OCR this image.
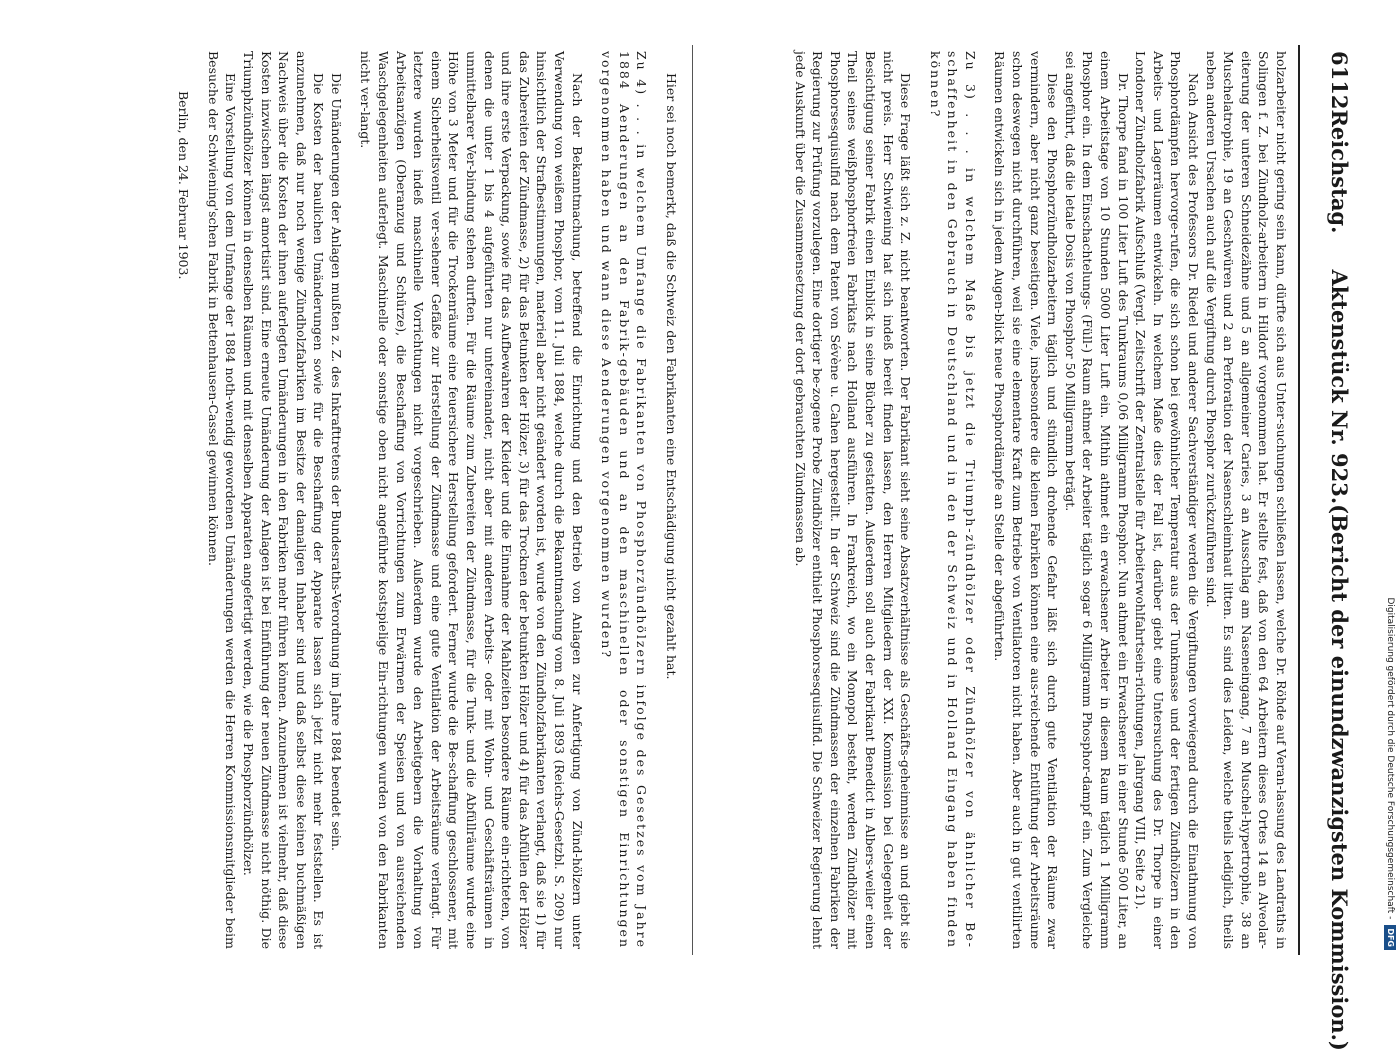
6112
Reichstag.
Aktenstück Nr. 923.
(Bericht der einundzwanzigsten Kommission.)

holzarbeiter nicht gering sein kann, dürfte sich aus Unter-suchungen schließen lassen, welche Dr. Röhde auf Veran-lassung des Landraths in Solingen f. Z. bei Zündholz-arbeitern in Hildorf vorgenommen hat. Er stellte fest, daß von den 64 Arbeitern dieses Ortes 14 an Alveolar-eiterung der unteren Schneidezähne und 5 an allgemeiner Caries, 3 an Ausschlag am Naseneingang, 7 an Muschel-hypertrophie, 38 an Muschelatrophie, 19 an Geschwüren und 2 an Perforation der Nasenschleimhaut litten. Es sind dies Leiden, welche theils lediglich, theils neben anderen Ursachen auch auf die Vergiftung durch Phosphor zurückzuführen sind.

Nach Ansicht des Professors Dr. Riedel und anderer Sachverständiger werden die Vergiftungen vorwiegend durch die Einathmung von Phosphordämpfen hervorge-rufen, die sich schon bei gewöhnlicher Temperatur aus der Tunkmasse und der fertigen Zündhölzern in den Arbeits- und Lagerräumen entwickeln. In welchem Maße dies der Fall ist, darüber giebt eine Untersuchung des Dr. Thorpe in einer Londoner Zündholzfabrik Aufschluß (Vergl. Zeitschrift der Zentralstelle für Arbeiterwohlfahrtsein-richtungen, Jahrgang VIII, Seite 21).

Dr. Thorpe fand in 100 Liter Luft des Tunkraums 0,06 Milligramm Phosphor. Nun athmet ein Erwachsener in einer Stunde 500 Liter, an einem Arbeitstage von 10 Stunden 5000 Liter Luft ein. Mithin athmet ein erwachsener Arbeiter in diesem Raum täglich 1 Milligramm Phosphor ein. In dem Einschachtelungs- (Füll-) Raum athmet der Arbeiter täglich sogar 6 Milligramm Phosphor-dampf ein. Zum Vergleiche sei angeführt, daß die letale Dosis von Phosphor 50 Milligramm beträgt.

Diese den Phosphorzündholzarbeitern täglich und stündlich drohende Gefahr läßt sich durch gute Ventilation der Räume zwar vermindern, aber nicht ganz beseitigen. Viele, insbesondere die kleinen Fabriken können eine aus-reichende Entlüftung der Arbeitsräume schon deswegen nicht durchführen, weil sie eine elementare Kraft zum Betriebe von Ventilatoren nicht haben. Aber auch in gut ventilirten Räumen entwickeln sich in jedem Augen-blick neue Phosphordämpfe an Stelle der abgeführten.

Zu 3) . . . in welchem Maße bis jetzt die Triumph-zündhölzer oder Zündhölzer von ähnlicher Be-schaffenheit in den Gebrauch in Deutschland und in den der Schweiz und in Holland Eingang haben finden können?

Diese Frage läßt sich z. Z. nicht beantworten. Der Fabrikant sieht seine Absatzverhältnisse als Geschäfts-geheimnisse an und giebt sie nicht preis. Herr Schwiening hat sich indeß bereit finden lassen, den Herren Mitgliedern der XXI. Kommission bei Gelegenheit der Besichtigung seiner Fabrik einen Einblick in seine Bücher zu gestatten. Außerdem soll auch der Fabrikant Benedict in Albers-weiler einen Theil seines weißphosphorfreien Fabrikats nach Holland ausführen. In Frankreich, wo ein Monopol besteht, werden Zündhölzer mit Phosphorsesquisulfid nach dem Patent von Sévène u. Cahen hergestellt. In der Schweiz sind die Zündmassen der einzelnen Fabriken der Regierung zur Prüfung vorzulegen. Eine dortiger be-zogene Probe Zündhölzer enthielt Phosphorsesquisulfid. Die Schweizer Regierung lehnt jede Auskunft über die Zusammensetzung der dort gebrauchten Zündmassen ab.

Hier sei noch bemerkt, daß die Schweiz den Fabrikanten eine Entschädigung nicht gezahlt hat.

Zu 4) . . . in welchem Umfange die Fabrikanten von Phosphorzündhölzern infolge des Gesetzes vom Jahre 1884 Aenderungen an den Fabrik-gebäuden und an den maschinellen oder sonstigen Einrichtungen vorgenommen haben und wann diese Aenderungen vorgenommen wurden?

Nach der Bekanntmachung, betreffend die Einrichtung und den Betrieb von Anlagen zur Anfertigung von Zünd-hölzern unter Verwendung von weißem Phosphor, vom 11. Juli 1884, welche durch die Bekanntmachung vom 8. Juli 1893 (Reichs-Gesetzbl. S. 209) nur hinsichtlich der Strafbestimmungen, materiell aber nicht geändert worden ist, wurde von den Zündholzfabrikanten verlangt, daß sie 1) für das Zubereiten der Zündmasse, 2) für das Betunken der Hölzer, 3) für das Trocknen der betunkten Hölzer und 4) für das Abfüllen der Hölzer und ihre erste Verpackung, sowie für das Aufbewahren der Kleider und die Einnahme der Mahlzeiten besondere Räume ein-richteten, von denen die unter 1 bis 4 aufgeführten nur untereinander, nicht aber mit anderen Arbeits- oder mit Wohn- und Geschäftsräumen in unmittelbarer Ver-bindung stehen durften. Für die Räume zum Zubereiten der Zündmasse, für die Tunk- und die Abfüllräume wurde eine Höhe von 3 Meter und für die Trockenräume eine feuersichere Herstellung gefordert. Ferner wurde die Be-schaffung geschlossener, mit einem Sicherheitsventil ver-sehener Gefäße zur Herstellung der Zündmasse und eine gute Ventilation der Arbeitsräume verlangt. Für letztere wurden indeß maschinelle Vorrichtungen nicht vorgeschrieben. Außerdem wurde den Arbeitgebern die Vorhaltung von Arbeitsanzügen (Oberanzug und Schürze), die Beschaffung von Vorrichtungen zum Erwärmen der Speisen und von ausreichenden Waschgelegenheiten auferlegt. Maschinelle oder sonstige oben nicht angeführte kostspielige Ein-richtungen wurden von den Fabrikanten nicht ver-langt.

Die Umänderungen der Anlagen mußten z. Z. des Inkrafttretens der Bundesraths-Verordnung im Jahre 1884 beendet sein.

Die Kosten der baulichen Umänderungen sowie für die Beschaffung der Apparate lassen sich jetzt nicht mehr feststellen. Es ist anzunehmen, daß nur noch wenige Zündholzfabriken im Besitze der damaligen Inhaber sind und daß selbst diese keinen buchmäßigen Nachweis über die Kosten der ihnen auferlegten Umänderungen in den Fabriken mehr führen können. Anzunehmen ist vielmehr, daß diese Kosten inzwischen längst amortisirt sind. Eine erneute Umänderung der Anlagen ist bei Einführung der neuen Zündmasse nicht nöthig. Die Triumphzündhölzer können in denselben Räumen und mit denselben Apparaten angefertigt werden, wie die Phosphorzündhölzer.

Eine Vorstellung von dem Umfange der 1884 noth-wendig gewordenen Umänderungen werden die Herren Kommissionsmitglieder beim Besuche der Schwiening'schen Fabrik in Bettenhausen-Cassel gewinnen können.

Berlin, den 24. Februar 1903.

Digitalisierung gefördert durch die Deutsche Forschungsgemeinschaft -DFG
